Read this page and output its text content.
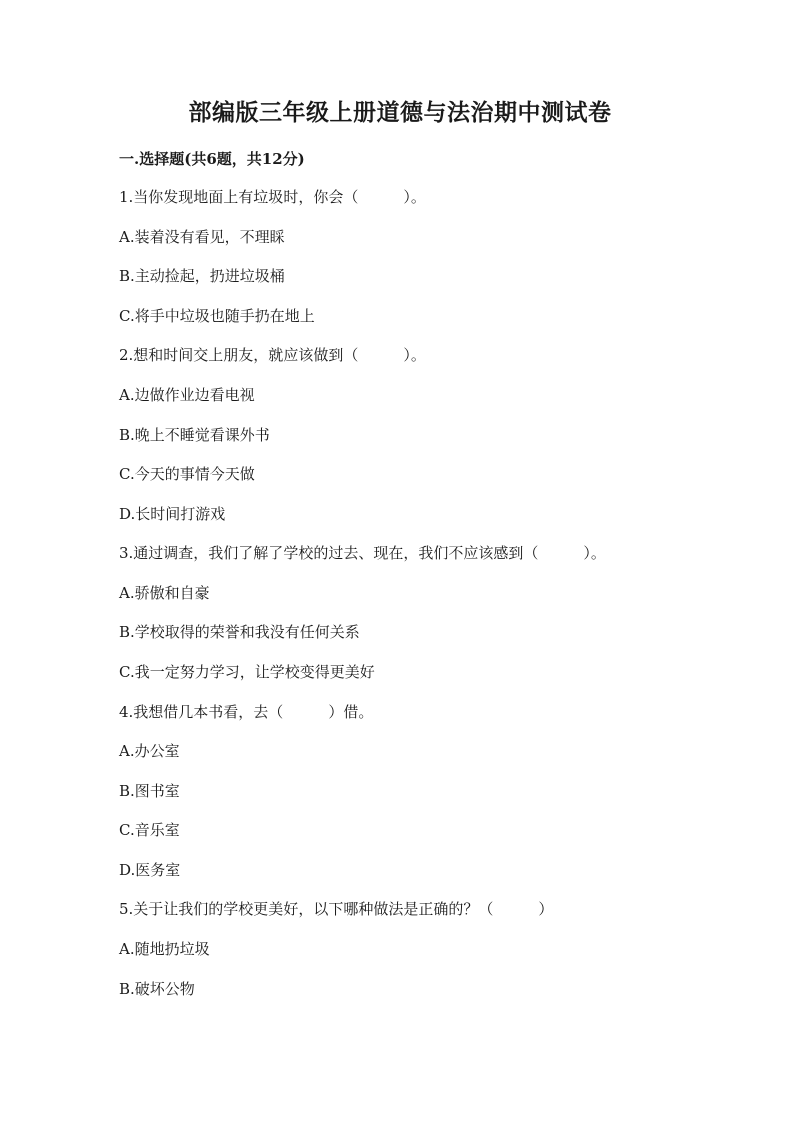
部编版三年级上册道德与法治期中测试卷
一.选择题(共6题，共12分)
1.当你发现地面上有垃圾时，你会（　　　）。
A.装着没有看见，不理睬
B.主动捡起，扔进垃圾桶
C.将手中垃圾也随手扔在地上
2.想和时间交上朋友，就应该做到（　　　）。
A.边做作业边看电视
B.晚上不睡觉看课外书
C.今天的事情今天做
D.长时间打游戏
3.通过调查，我们了解了学校的过去、现在，我们不应该感到（　　　）。
A.骄傲和自豪
B.学校取得的荣誉和我没有任何关系
C.我一定努力学习，让学校变得更美好
4.我想借几本书看，去（　　　）借。
A.办公室
B.图书室
C.音乐室
D.医务室
5.关于让我们的学校更美好，以下哪种做法是正确的？（　　　）
A.随地扔垃圾
B.破坏公物
